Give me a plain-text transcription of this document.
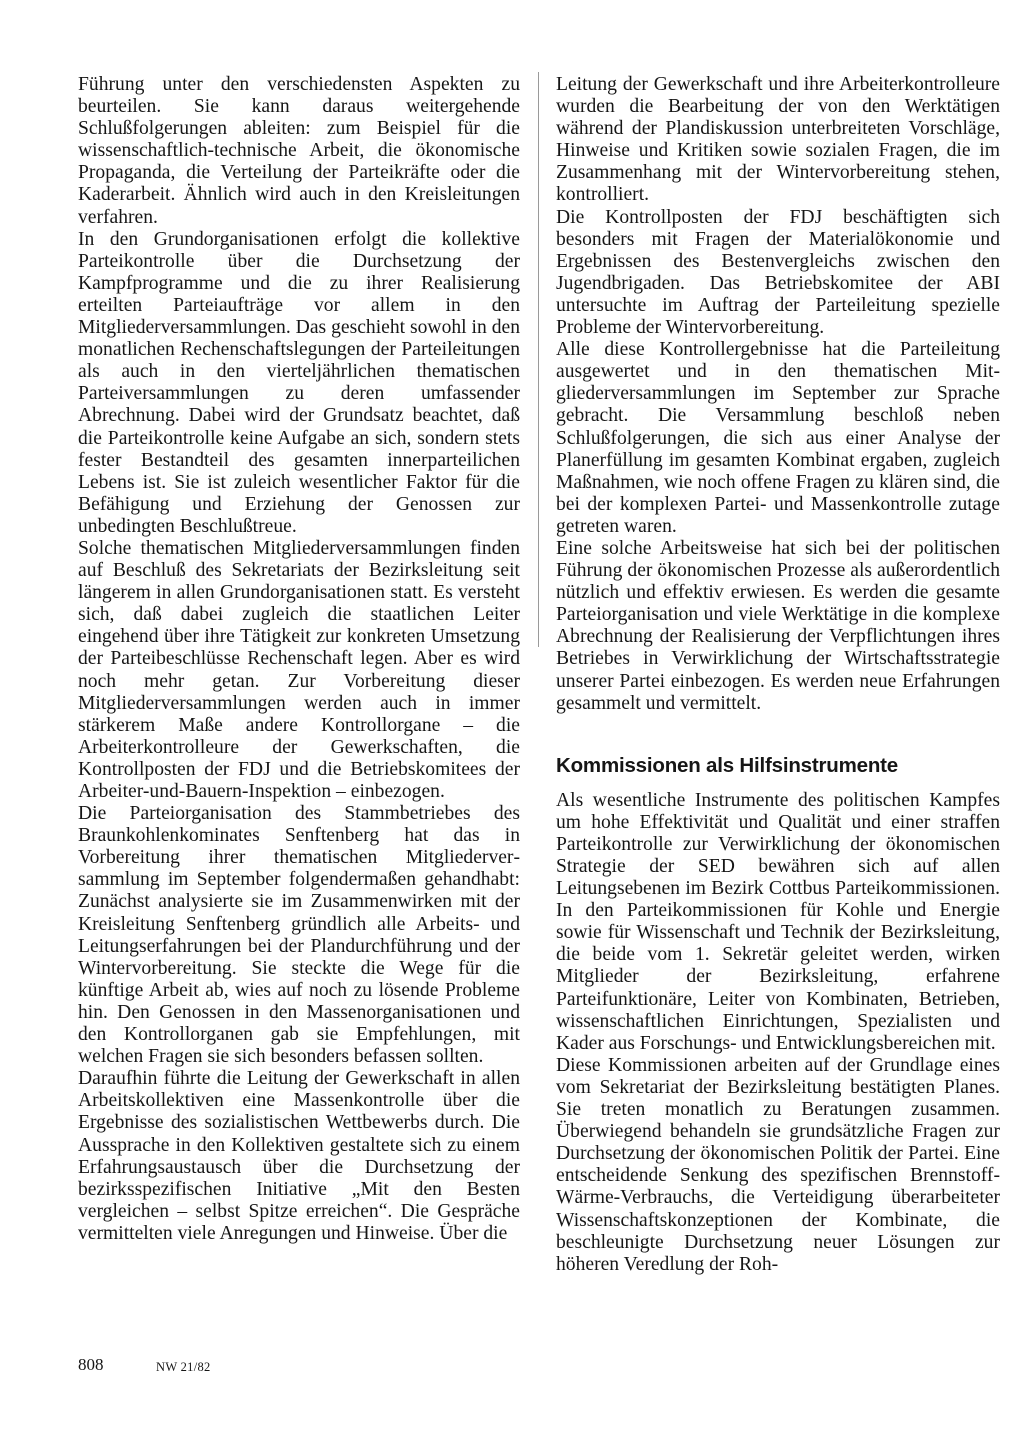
Führung unter den verschiedensten Aspekten zu beurteilen. Sie kann daraus weitergehende Schlußfolgerungen ableiten: zum Beispiel für die wissenschaftlich-technische Arbeit, die ökonomische Propaganda, die Verteilung der Parteikräfte oder die Kaderarbeit. Ähnlich wird auch in den Kreisleitungen verfahren.

In den Grundorganisationen erfolgt die kollektive Parteikontrolle über die Durchsetzung der Kampfprogramme und die zu ihrer Realisierung erteilten Parteiaufträge vor allem in den Mitgliederversammlungen. Das geschieht sowohl in den monatlichen Rechenschaftslegungen der Parteileitungen als auch in den vierteljährlichen thematischen Parteiversammlungen zu deren umfassender Abrechnung. Dabei wird der Grundsatz beachtet, daß die Parteikontrolle keine Aufgabe an sich, sondern stets fester Bestandteil des gesamten innerparteilichen Lebens ist. Sie ist zuleich wesentlicher Faktor für die Befähigung und Erziehung der Genossen zur unbedingten Beschlußtreue.

Solche thematischen Mitgliederversammlungen finden auf Beschluß des Sekretariats der Bezirksleitung seit längerem in allen Grundorganisationen statt. Es versteht sich, daß dabei zugleich die staatlichen Leiter eingehend über ihre Tätigkeit zur konkreten Umsetzung der Parteibeschlüsse Rechenschaft legen. Aber es wird noch mehr getan. Zur Vorbereitung dieser Mitgliederversammlungen werden auch in immer stärkerem Maße andere Kontrollorgane – die Arbeiterkontrolleure der Gewerkschaften, die Kontrollposten der FDJ und die Betriebskomitees der Arbeiter-und-Bauern-Inspektion – einbezogen.

Die Parteiorganisation des Stammbetriebes des Braunkohlenkominates Senftenberg hat das in Vorbereitung ihrer thematischen Mitgliederversammlung im September folgendermaßen gehandhabt: Zunächst analysierte sie im Zusammenwirken mit der Kreisleitung Senftenberg gründlich alle Arbeits- und Leitungserfahrungen bei der Plandurchführung und der Wintervorbereitung. Sie steckte die Wege für die künftige Arbeit ab, wies auf noch zu lösende Probleme hin. Den Genossen in den Massenorganisationen und den Kontrollorganen gab sie Empfehlungen, mit welchen Fragen sie sich besonders befassen sollten.

Daraufhin führte die Leitung der Gewerkschaft in allen Arbeitskollektiven eine Massenkontrolle über die Ergebnisse des sozialistischen Wettbewerbs durch. Die Aussprache in den Kollektiven gestaltete sich zu einem Erfahrungsaustausch über die Durchsetzung der bezirksspezifischen Initiative „Mit den Besten vergleichen – selbst Spitze erreichen“. Die Gespräche vermittelten viele Anregungen und Hinweise. Über die

Leitung der Gewerkschaft und ihre Arbeiterkontrolleure wurden die Bearbeitung der von den Werktätigen während der Plandiskussion unterbreiteten Vorschläge, Hinweise und Kritiken sowie sozialen Fragen, die im Zusammenhang mit der Wintervorbereitung stehen, kontrolliert.

Die Kontrollposten der FDJ beschäftigten sich besonders mit Fragen der Materialökonomie und Ergebnissen des Bestenvergleichs zwischen den Jugendbrigaden. Das Betriebskomitee der ABI untersuchte im Auftrag der Parteileitung spezielle Probleme der Wintervorbereitung.

Alle diese Kontrollergebnisse hat die Parteileitung ausgewertet und in den thematischen Mitgliederversammlungen im September zur Sprache gebracht. Die Versammlung beschloß neben Schlußfolgerungen, die sich aus einer Analyse der Planerfüllung im gesamten Kombinat ergaben, zugleich Maßnahmen, wie noch offene Fragen zu klären sind, die bei der komplexen Partei- und Massenkontrolle zutage getreten waren.

Eine solche Arbeitsweise hat sich bei der politischen Führung der ökonomischen Prozesse als außerordentlich nützlich und effektiv erwiesen. Es werden die gesamte Parteiorganisation und viele Werktätige in die komplexe Abrechnung der Realisierung der Verpflichtungen ihres Betriebes in Verwirklichung der Wirtschaftsstrategie unserer Partei einbezogen. Es werden neue Erfahrungen gesammelt und vermittelt.

Kommissionen als Hilfsinstrumente

Als wesentliche Instrumente des politischen Kampfes um hohe Effektivität und Qualität und einer straffen Parteikontrolle zur Verwirklichung der ökonomischen Strategie der SED bewähren sich auf allen Leitungsebenen im Bezirk Cottbus Parteikommissionen. In den Parteikommissionen für Kohle und Energie sowie für Wissenschaft und Technik der Bezirksleitung, die beide vom 1. Sekretär geleitet werden, wirken Mitglieder der Bezirksleitung, erfahrene Parteifunktionäre, Leiter von Kombinaten, Betrieben, wissenschaftlichen Einrichtungen, Spezialisten und Kader aus Forschungs- und Entwicklungsbereichen mit.

Diese Kommissionen arbeiten auf der Grundlage eines vom Sekretariat der Bezirksleitung bestätigten Planes. Sie treten monatlich zu Beratungen zusammen. Überwiegend behandeln sie grundsätzliche Fragen zur Durchsetzung der ökonomischen Politik der Partei. Eine entscheidende Senkung des spezifischen Brennstoff-Wärme-Verbrauchs, die Verteidigung überarbeiteter Wissenschaftskonzeptionen der Kombinate, die beschleunigte Durchsetzung neuer Lösungen zur höheren Veredlung der Roh-

808	NW 21/82
